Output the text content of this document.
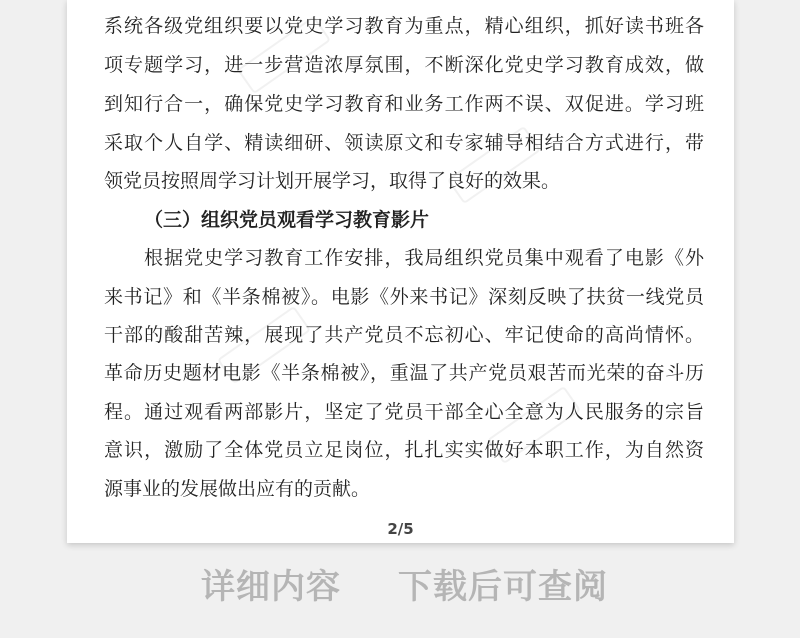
系统各级党组织要以党史学习教育为重点，精心组织，抓好读书班各
项专题学习，进一步营造浓厚氛围，不断深化党史学习教育成效，做
到知行合一，确保党史学习教育和业务工作两不误、双促进。学习班
采取个人自学、精读细研、领读原文和专家辅导相结合方式进行，带
领党员按照周学习计划开展学习，取得了良好的效果。
（三）组织党员观看学习教育影片
根据党史学习教育工作安排，我局组织党员集中观看了电影《外
来书记》和《半条棉被》。电影《外来书记》深刻反映了扶贫一线党员
干部的酸甜苦辣，展现了共产党员不忘初心、牢记使命的高尚情怀。
革命历史题材电影《半条棉被》，重温了共产党员艰苦而光荣的奋斗历
程。通过观看两部影片，坚定了党员干部全心全意为人民服务的宗旨
意识，激励了全体党员立足岗位，扎扎实实做好本职工作，为自然资
源事业的发展做出应有的贡献。
2/5
详细内容 下载后可查阅
